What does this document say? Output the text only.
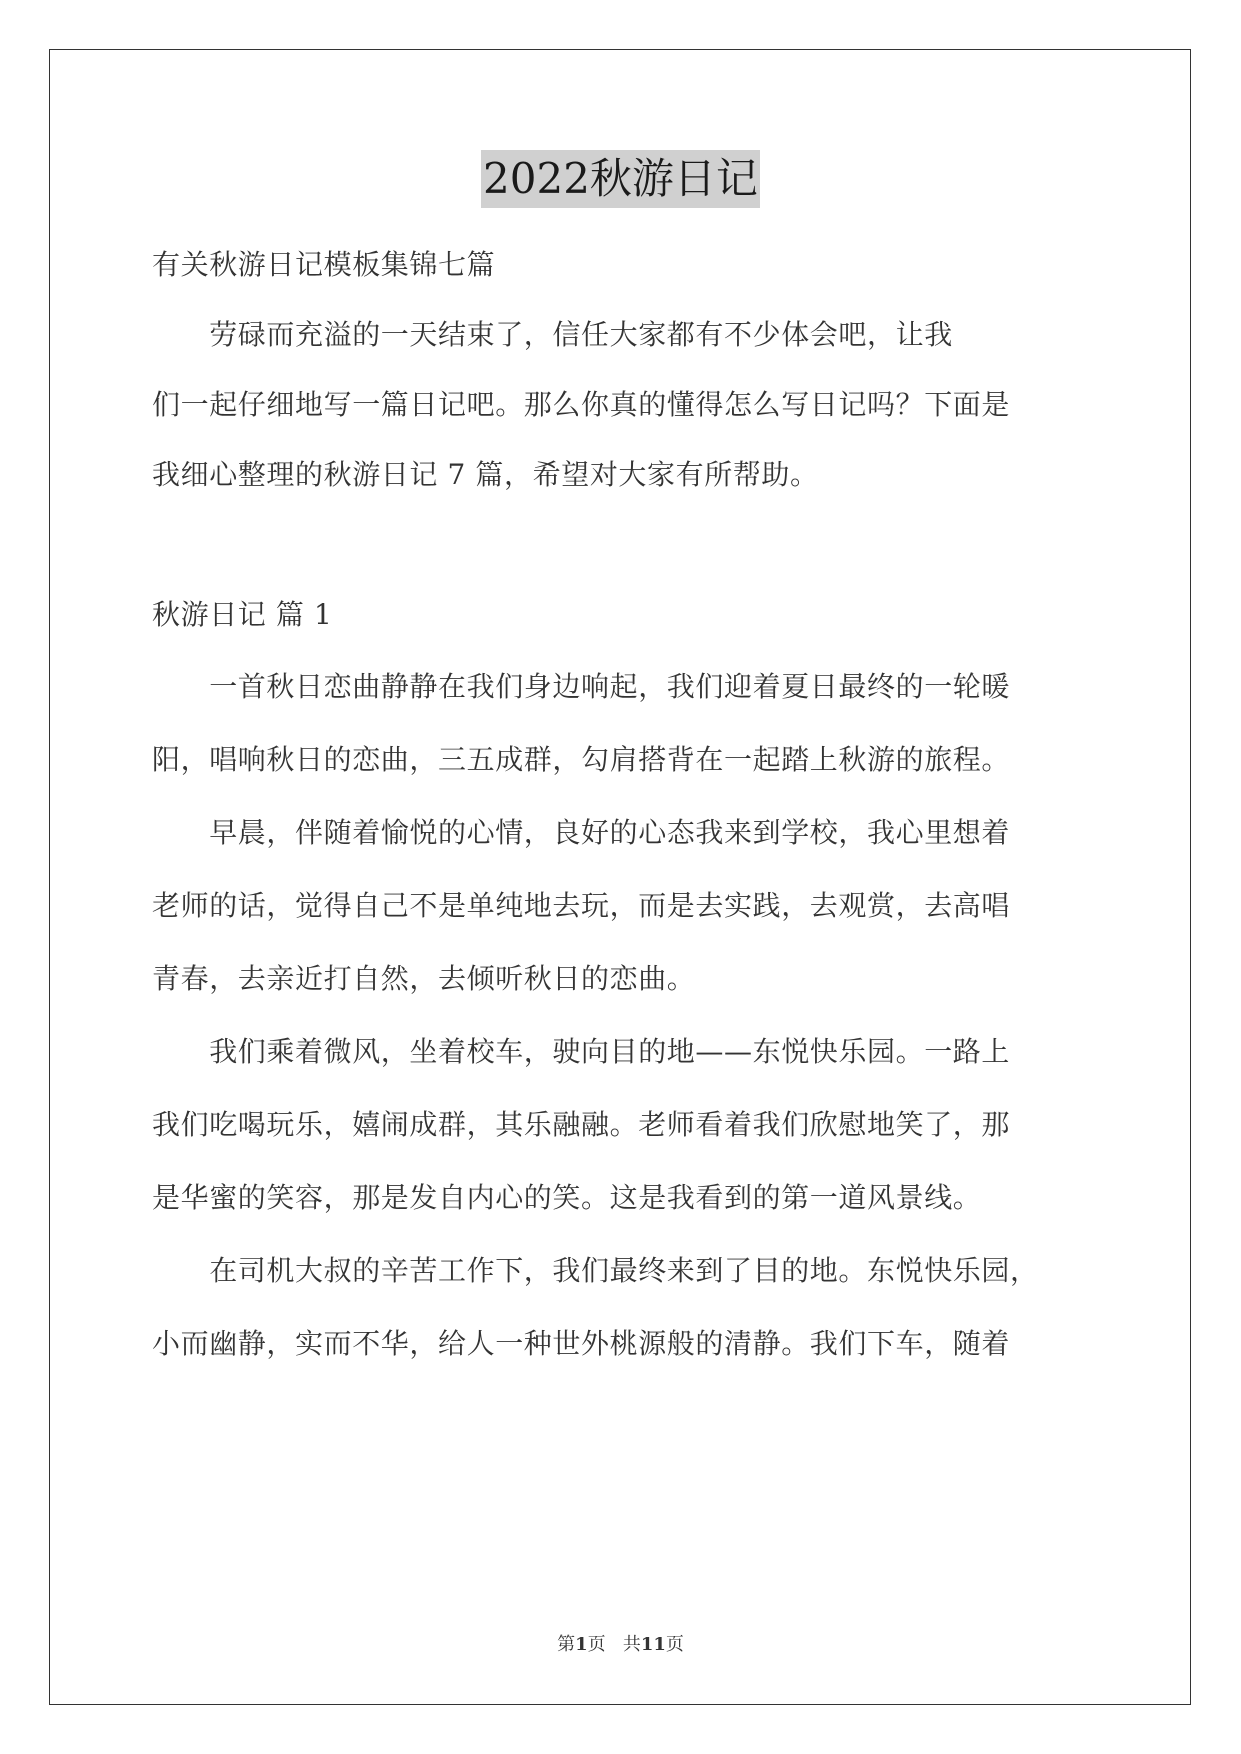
2022秋游日记
有关秋游日记模板集锦七篇
　　劳碌而充溢的一天结束了，信任大家都有不少体会吧，让我
们一起仔细地写一篇日记吧。那么你真的懂得怎么写日记吗？下面是
我细心整理的秋游日记 7 篇，希望对大家有所帮助。
秋游日记 篇 1
　　一首秋日恋曲静静在我们身边响起，我们迎着夏日最终的一轮暖
阳，唱响秋日的恋曲，三五成群，勾肩搭背在一起踏上秋游的旅程。
　　早晨，伴随着愉悦的心情，良好的心态我来到学校，我心里想着
老师的话，觉得自己不是单纯地去玩，而是去实践，去观赏，去高唱
青春，去亲近打自然，去倾听秋日的恋曲。
　　我们乘着微风，坐着校车，驶向目的地——东悦快乐园。一路上
我们吃喝玩乐，嬉闹成群，其乐融融。老师看着我们欣慰地笑了，那
是华蜜的笑容，那是发自内心的笑。这是我看到的第一道风景线。
　　在司机大叔的辛苦工作下，我们最终来到了目的地。东悦快乐园，
小而幽静，实而不华，给人一种世外桃源般的清静。我们下车，随着
第1页 共11页
